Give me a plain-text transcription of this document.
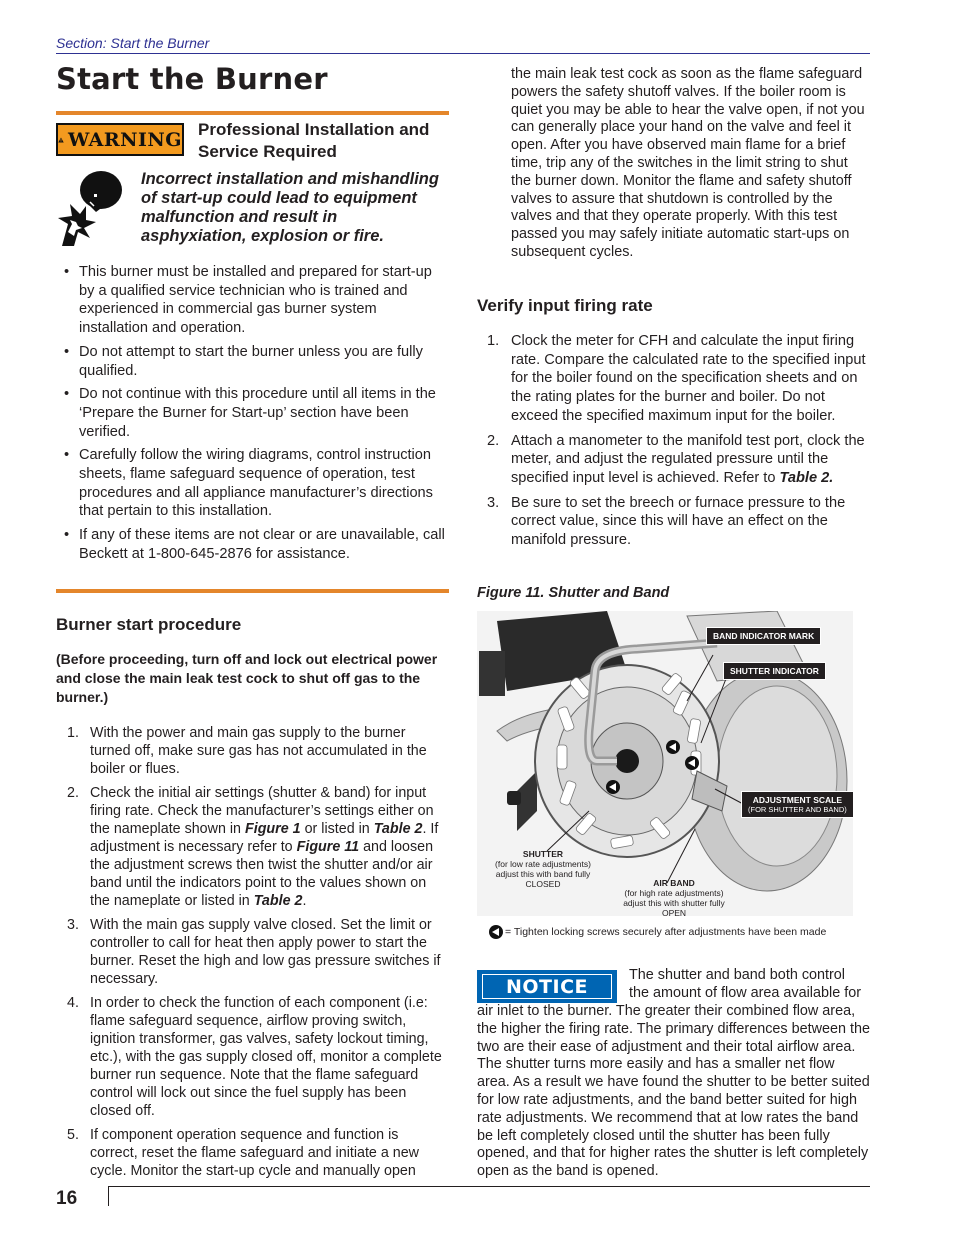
Section: Start the Burner
Start the Burner
WARNING Professional Installation and Service Required
Incorrect installation and mishandling of start-up could lead to equipment malfunction and result in asphyxiation, explosion or fire.
• This burner must be installed and prepared for start-up by a qualified service technician who is trained and experienced in commercial gas burner system installation and operation.
• Do not attempt to start the burner unless you are fully qualified.
• Do not continue with this procedure until all items in the ‘Prepare the Burner for Start-up’ section have been verified.
• Carefully follow the wiring diagrams, control instruction sheets, flame safeguard sequence of operation, test procedures and all appliance manufacturer’s directions that pertain to this installation.
• If any of these items are not clear or are unavailable, call Beckett at 1-800-645-2876 for assistance.
Burner start procedure
(Before proceeding, turn off and lock out electrical power and close the main leak test cock to shut off gas to the burner.)
1. With the power and main gas supply to the burner turned off, make sure gas has not accumulated in the boiler or flues.
2. Check the initial air settings (shutter & band) for input firing rate. Check the manufacturer’s settings either on the nameplate shown in Figure 1 or listed in Table 2. If adjustment is necessary refer to Figure 11 and loosen the adjustment screws then twist the shutter and/or air band until the indicators point to the values shown on the nameplate or listed in Table 2.
3. With the main gas supply valve closed. Set the limit or controller to call for heat then apply power to start the burner. Reset the high and low gas pressure switches if necessary.
4. In order to check the function of each component (i.e: flame safeguard sequence, airflow proving switch, ignition transformer, gas valves, safety lockout timing, etc.), with the gas supply closed off, monitor a complete burner run sequence. Note that the flame safeguard control will lock out since the fuel supply has been closed off.
5. If component operation sequence and function is correct, reset the flame safeguard and initiate a new cycle. Monitor the start-up cycle and manually open
the main leak test cock as soon as the flame safeguard powers the safety shutoff valves. If the boiler room is quiet you may be able to hear the valve open, if not you can generally place your hand on the valve and feel it open. After you have observed main flame for a brief time, trip any of the switches in the limit string to shut the burner down. Monitor the flame and safety shutoff valves to assure that shutdown is controlled by the valves and that they operate properly. With this test passed you may safely initiate automatic start-ups on subsequent cycles.
Verify input firing rate
1. Clock the meter for CFH and calculate the input firing rate. Compare the calculated rate to the specified input for the boiler found on the specification sheets and on the rating plates for the burner and boiler. Do not exceed the specified maximum input for the boiler.
2. Attach a manometer to the manifold test port, clock the meter, and adjust the regulated pressure until the specified input level is achieved. Refer to Table 2.
3. Be sure to set the breech or furnace pressure to the correct value, since this will have an effect on the manifold pressure.
Figure 11. Shutter and Band
BAND INDICATOR MARK
SHUTTER INDICATOR
ADJUSTMENT SCALE
(FOR SHUTTER AND BAND)
SHUTTER
(for low rate adjustments)
adjust this with band fully
CLOSED	AIR BAND
(for high rate adjustments)
adjust this with shutter fully
OPEN
= Tighten locking screws securely after adjustments have been made
NOTICE
The shutter and band both control
the amount of flow area available for
air inlet to the burner. The greater their combined flow area, the higher the firing rate. The primary differences between the two are their ease of adjustment and their total airflow area. The shutter turns more easily and has a smaller net flow area. As a result we have found the shutter to be better suited for low rate adjustments, and the band better suited for high rate adjustments. We recommend that at low rates the band be left completely closed until the shutter has been fully opened, and that for higher rates the shutter is left completely open as the band is opened.
16
